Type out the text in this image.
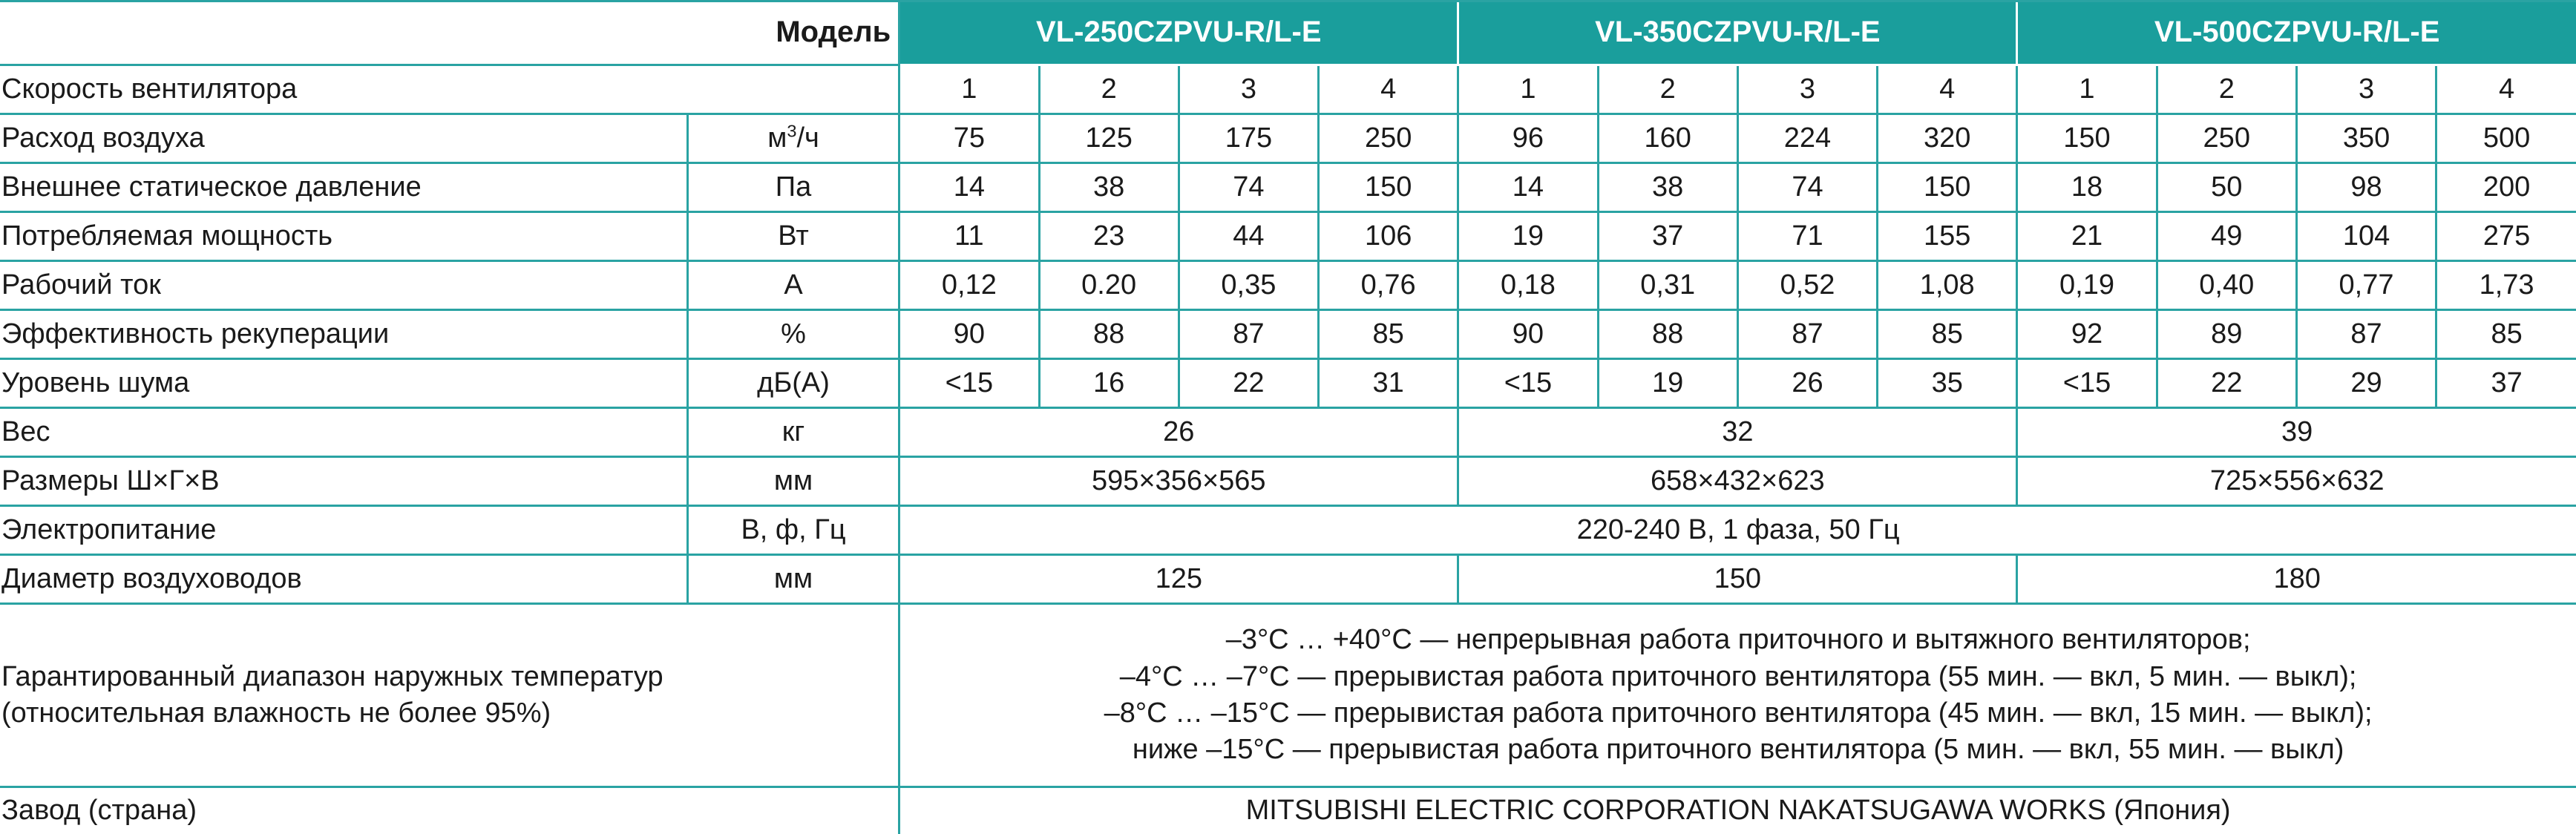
Модель		VL-250CZPVU-R/L-E				VL-350CZPVU-R/L-E				VL-500CZPVU-R/L-E			
Скорость вентилятора		1	2	3	4	1	2	3	4	1	2	3	4
Расход воздуха	$м^3/ч$	75	125	175	250	96	160	224	320	150	250	350	500
Внешнее статическое давление	Па	14	38	74	150	14	38	74	150	18	50	98	200
Потребляемая мощность	Вт	11	23	44	106	19	37	71	155	21	49	104	275
Рабочий ток	А	0,12	0.20	0,35	0,76	0,18	0,31	0,52	1,08	0,19	0,40	0,77	1,73
Эффективность рекуперации	%	90	88	87	85	90	88	87	85	92	89	87	85
Уровень шума	дБ(А)	<15	16	22	31	<15	19	26	35	<15	22	29	37
Вес	кг	26				32				39			
Размеры Ш×Г×В	мм	595×356×565				658×432×623				725×556×632			
Электропитание	В, ф, Гц	220-240 В, 1 фаза, 50 Гц											
Диаметр воздуховодов	мм	125				150				180			

Гарантированный диапазон наружных температур
(относительная влажность не более 95%)		–3°С … +40°С — непрерывная работа приточного и вытяжного вентиляторов;
–4°С … –7°С — прерывистая работа приточного вентилятора (55 мин. — вкл, 5 мин. — выкл);
–8°С … –15°С — прерывистая работа приточного вентилятора (45 мин. — вкл, 15 мин. — выкл);
ниже –15°С — прерывистая работа приточного вентилятора (5 мин. — вкл, 55 мин. — выкл)											

Завод (страна)		MITSUBISHI ELECTRIC CORPORATION NAKATSUGAWA WORKS (Япония)											
